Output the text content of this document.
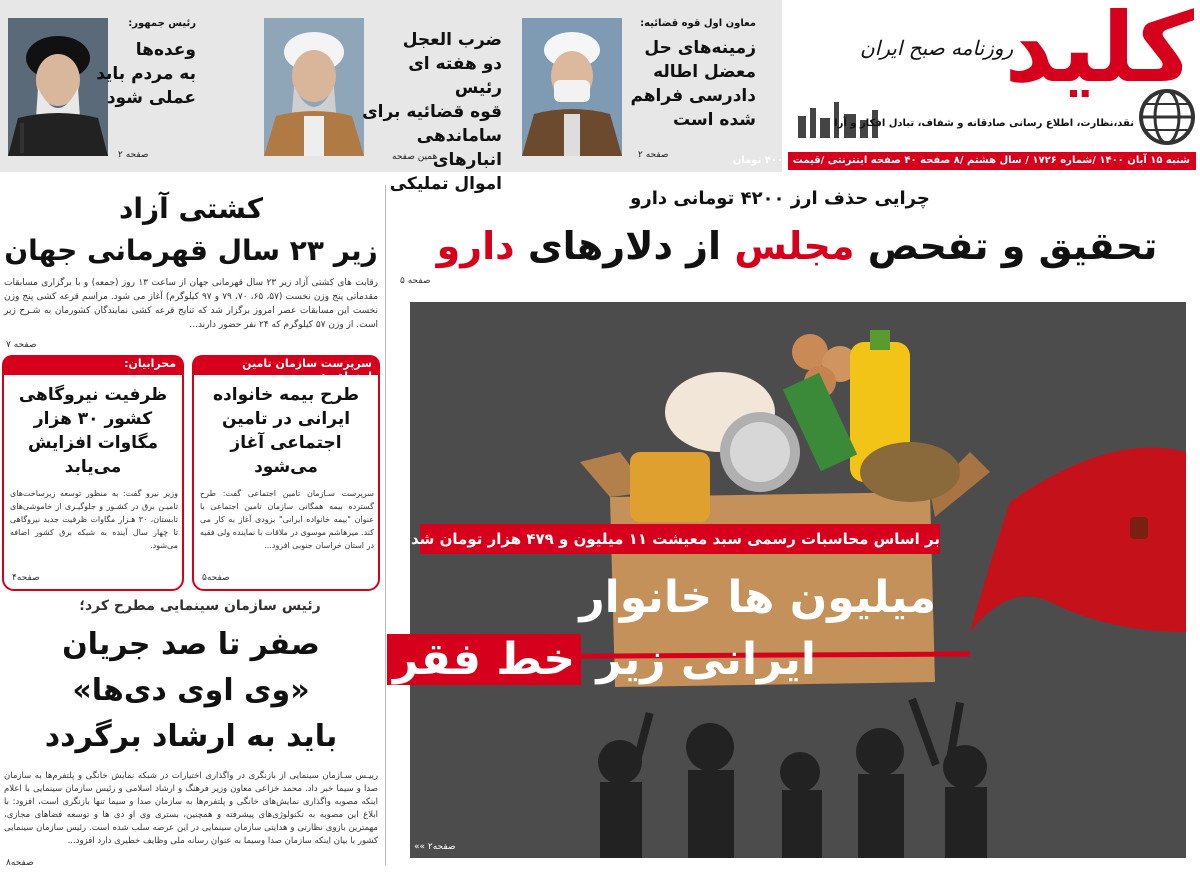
رئیس جمهور:
وعده‌ها
به مردم باید
عملی شود
صفحه ۲
ضرب العجل
دو هفته ای رئیس
قوه قضائیه برای
ساماندهی انبارهای
اموال تملیکی
همین صفحه
معاون اول قوه قضائیه:
زمینه‌های حل
معضل اطاله
دادرسی فراهم
شده است
صفحه ۲
کلید
روزنامه صبح ایران
نقد،نظارت، اطلاع رسانی صادقانه و شفاف، تبادل افکار و آرا
شنبه ۱۵ آبان ۱۴۰۰ /شماره ۱۷۲۶ / سال هشتم /۸ صفحه ۴۰ صفحه اینترنتی /قیمت ۴۰۰۰ تومان
چرایی حذف ارز ۴۲۰۰ تومانی دارو
تحقیق و تفحص مجلس از دلارهای دارو
صفحه ۵
بر اساس محاسبات رسمی سبد معیشت ۱۱ میلیون و ۴۷۹ هزار تومان شد
میلیون ها خانوار
ایرانی زیر خط فقر!
صفحه۲ »»
کشتی آزاد
زیر ۲۳ سال قهرمانی جهان
رقابت های کشتی آزاد زیر ۲۳ سال قهرمانی جهان از ساعت ۱۳ روز (جمعه) و با برگزاری مسابقات مقدماتی پنج وزن نخست (۵۷، ۶۵، ۷۰، ۷۹ و ۹۷ کیلوگرم) آغاز می شود. مراسم قرعه کشی پنج وزن نخست این مسابقات عصر امروز برگزار شد که تنایج قرعه کشی نمایندگان کشورمان به شـرح زیر است. از وزن ۵۷ کیلوگرم که ۲۴ نفر حضور دارند...
صفحه ۷
سرپرست سازمان تامین اجتماعی:
طرح بیمه خانواده
ایرانی در تامین
اجتماعی آغاز
می‌شود
سرپرست سـازمان تامین اجتماعی گفت: طرح گسترده بیمه همگانی سازمان تامین اجتماعی با عنوان "بیمه خانواده ایرانی" بزودی آغاز به کار می کند. میرهاشم موسوی در ملاقات با نماینده ولی فقیه در استان خراسان جنوبی افزود...
صفحه۵
محرابیان:
ظرفیت نیروگاهی
کشور ۳۰ هزار
مگاوات افزایش
می‌یابد
وزیر نیرو گفت: به منظور توسعه زیرساخت‌های تامیـن برق در کشـور و جلوگیـری از خاموشی‌های تابستان، ۳۰ هـزار مگاوات ظرفیت جدید نیروگاهی تا چهار سال آینده به شبکه برق کشور اضافه می‌شود.
صفحه۴
رئیس سازمان سینمایی مطرح کرد؛
صفر تا صد جریان
«وی اوی دی‌ها»
باید به ارشاد برگردد
رییـس سـازمان سینمایی از بازنگری در واگذاری اختیارات در شبکه نمایش خانگی و پلتفرم‌ها به سازمان صدا و سیما خبر داد. محمد خزاعی معاون وزیر فرهنگ و ارشاد اسلامی و رئیس سازمان سینمایی با اعلام اینکه مصوبه واگذاری نمایش‌های خانگی و پلتفرم‌ها به سازمان صدا و سیما تنها بازنگری است، افزود: با ابلاغ این مصوبه به تکنولوژی‌های پیشرفته و همچنین، بستری وی او دی ها و توسعه فضاهای مجازی، مهمترین بازوی نظارتی و هدایتی سازمان سینمایی در این عرصه سلب شده است. رئیس سازمان سینمایی کشور با بیان اینکه سازمان صدا وسیما به عنوان رسانه ملی وظایف خطیری دارد افزود...
صفحه۸
